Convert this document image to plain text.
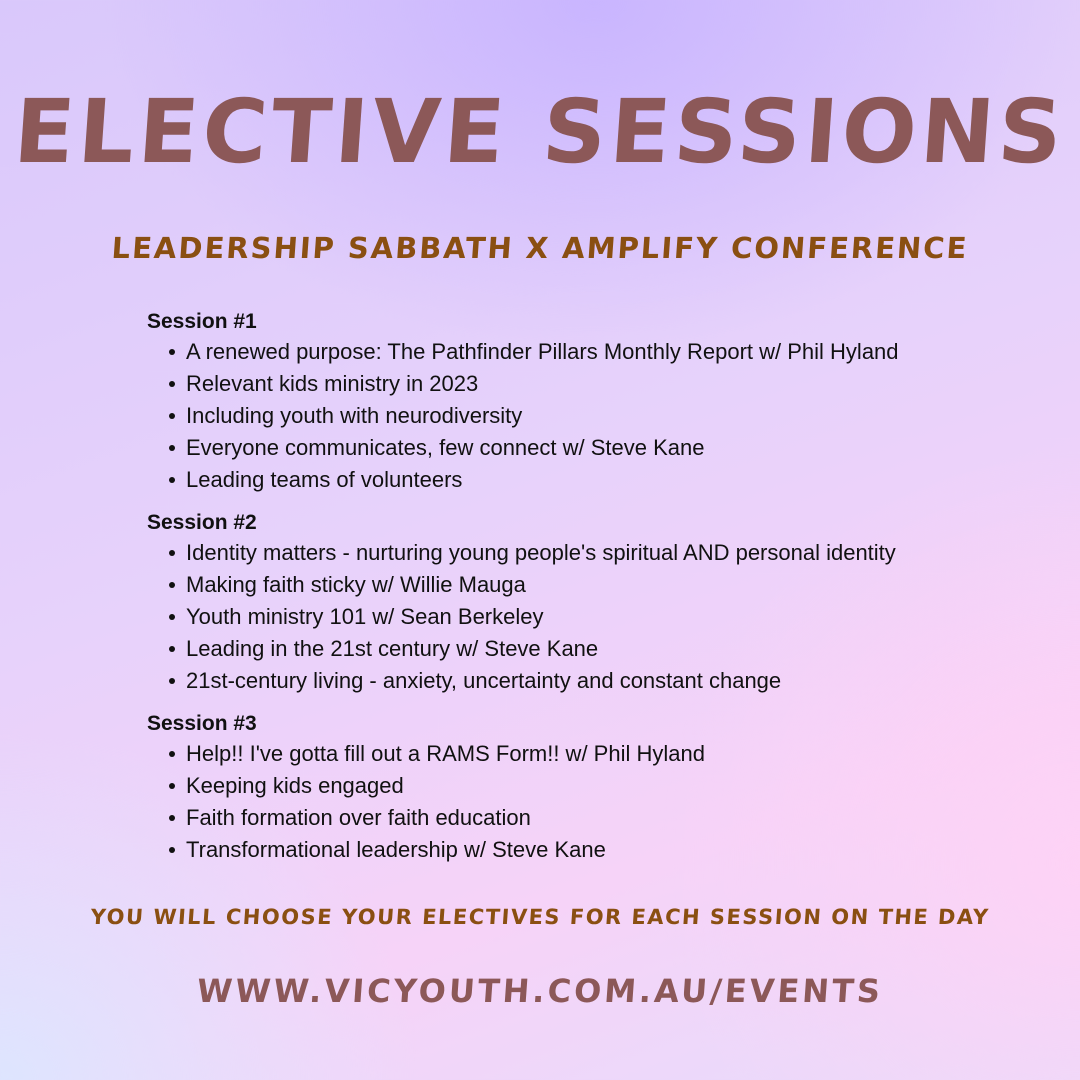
ELECTIVE SESSIONS
LEADERSHIP SABBATH X AMPLIFY CONFERENCE
Session #1
A renewed purpose: The Pathfinder Pillars Monthly Report w/ Phil Hyland
Relevant kids ministry in 2023
Including youth with neurodiversity
Everyone communicates, few connect w/ Steve Kane
Leading teams of volunteers
Session #2
Identity matters - nurturing young people's spiritual AND personal identity
Making faith sticky w/ Willie Mauga
Youth ministry 101 w/ Sean Berkeley
Leading in the 21st century w/ Steve Kane
21st-century living - anxiety, uncertainty and constant change
Session #3
Help!! I've gotta fill out a RAMS Form!! w/ Phil Hyland
Keeping kids engaged
Faith formation over faith education
Transformational leadership w/ Steve Kane
YOU WILL CHOOSE YOUR ELECTIVES FOR EACH SESSION ON THE DAY
WWW.VICYOUTH.COM.AU/EVENTS
